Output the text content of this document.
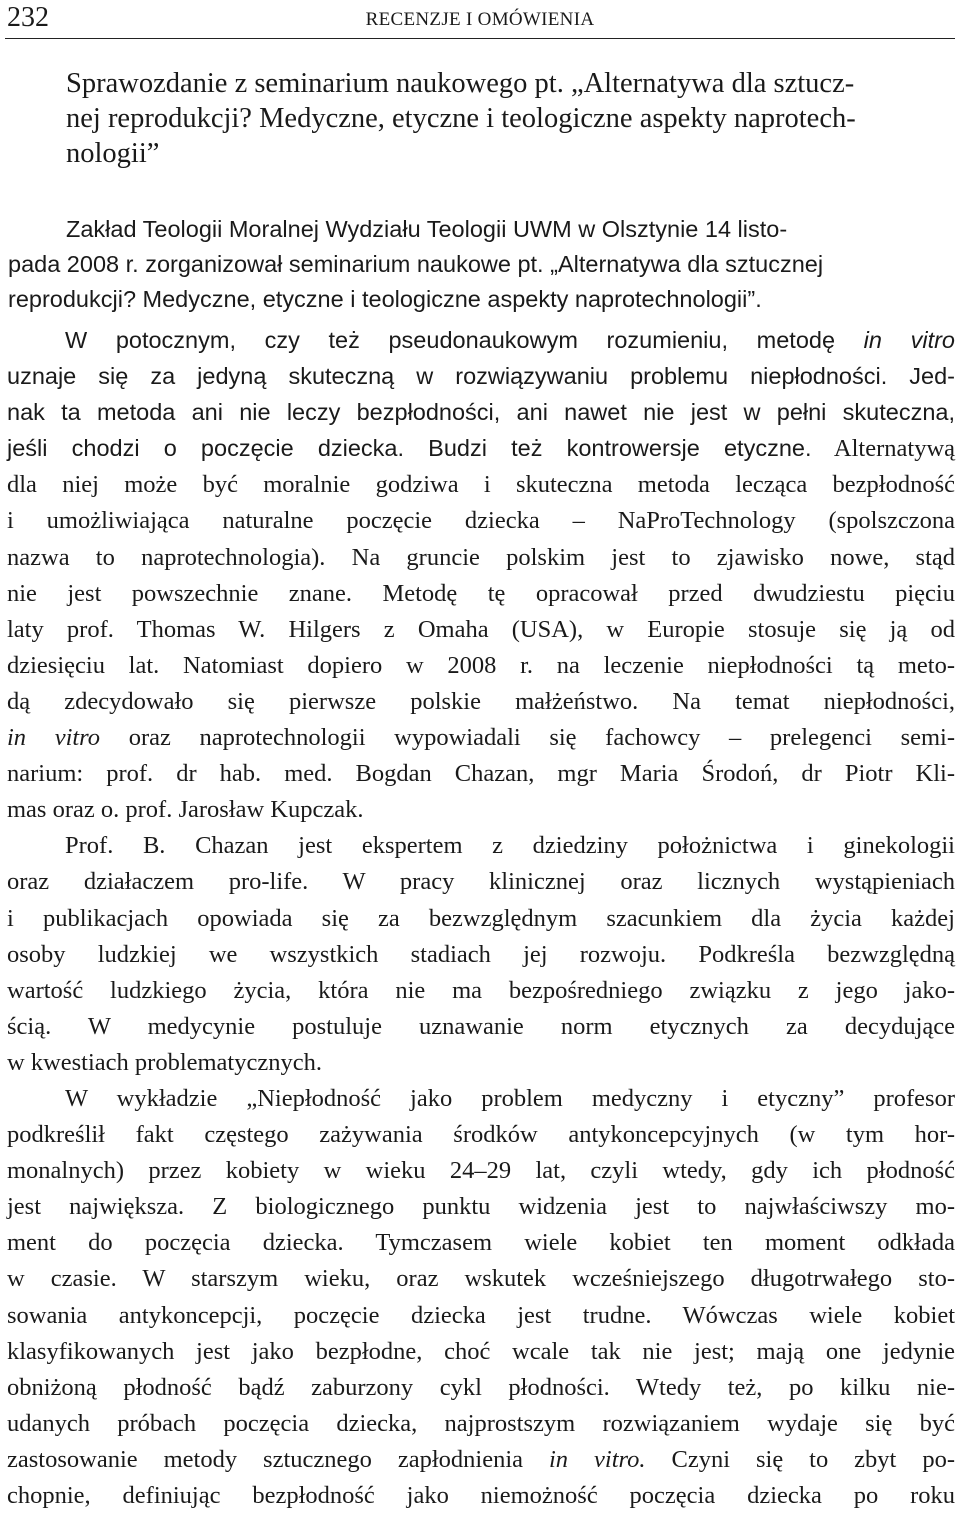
232	RECENZJE I OMÓWIENIA
Sprawozdanie z seminarium naukowego pt. „Alternatywa dla sztucz-
nej reprodukcji? Medyczne, etyczne i teologiczne aspekty naprotech-
nologii”

Zakład Teologii Moralnej Wydziału Teologii UWM w Olsztynie 14 listo-
pada 2008 r. zorganizował seminarium naukowe pt. „Alternatywa dla sztucznej
reprodukcji? Medyczne, etyczne i teologiczne aspekty naprotechnologii”.

W potocznym, czy też pseudonaukowym rozumieniu, metodę in vitro
uznaje się za jedyną skuteczną w rozwiązywaniu problemu niepłodności. Jed-
nak ta metoda ani nie leczy bezpłodności, ani nawet nie jest w pełni skuteczna,
jeśli chodzi o poczęcie dziecka. Budzi też kontrowersje etyczne. Alternatywą
dla niej może być moralnie godziwa i skuteczna metoda lecząca bezpłodność
i umożliwiająca naturalne poczęcie dziecka – NaProTechnology (spolszczona
nazwa to naprotechnologia). Na gruncie polskim jest to zjawisko nowe, stąd
nie jest powszechnie znane. Metodę tę opracował przed dwudziestu pięciu
laty prof. Thomas W. Hilgers z Omaha (USA), w Europie stosuje się ją od
dziesięciu lat. Natomiast dopiero w 2008 r. na leczenie niepłodności tą meto-
dą zdecydowało się pierwsze polskie małżeństwo. Na temat niepłodności,
in vitro oraz naprotechnologii wypowiadali się fachowcy – prelegenci semi-
narium: prof. dr hab. med. Bogdan Chazan, mgr Maria Środoń, dr Piotr Kli-
mas oraz o. prof. Jarosław Kupczak.
Prof. B. Chazan jest ekspertem z dziedziny położnictwa i ginekologii
oraz działaczem pro-life. W pracy klinicznej oraz licznych wystąpieniach
i publikacjach opowiada się za bezwzględnym szacunkiem dla życia każdej
osoby ludzkiej we wszystkich stadiach jej rozwoju. Podkreśla bezwzględną
wartość ludzkiego życia, która nie ma bezpośredniego związku z jego jako-
ścią. W medycynie postuluje uznawanie norm etycznych za decydujące
w kwestiach problematycznych.
W wykładzie „Niepłodność jako problem medyczny i etyczny” profesor
podkreślił fakt częstego zażywania środków antykoncepcyjnych (w tym hor-
monalnych) przez kobiety w wieku 24–29 lat, czyli wtedy, gdy ich płodność
jest największa. Z biologicznego punktu widzenia jest to najwłaściwszy mo-
ment do poczęcia dziecka. Tymczasem wiele kobiet ten moment odkłada
w czasie. W starszym wieku, oraz wskutek wcześniejszego długotrwałego sto-
sowania antykoncepcji, poczęcie dziecka jest trudne. Wówczas wiele kobiet
klasyfikowanych jest jako bezpłodne, choć wcale tak nie jest; mają one jedynie
obniżoną płodność bądź zaburzony cykl płodności. Wtedy też, po kilku nie-
udanych próbach poczęcia dziecka, najprostszym rozwiązaniem wydaje się być
zastosowanie metody sztucznego zapłodnienia in vitro. Czyni się to zbyt po-
chopnie, definiując bezpłodność jako niemożność poczęcia dziecka po roku
